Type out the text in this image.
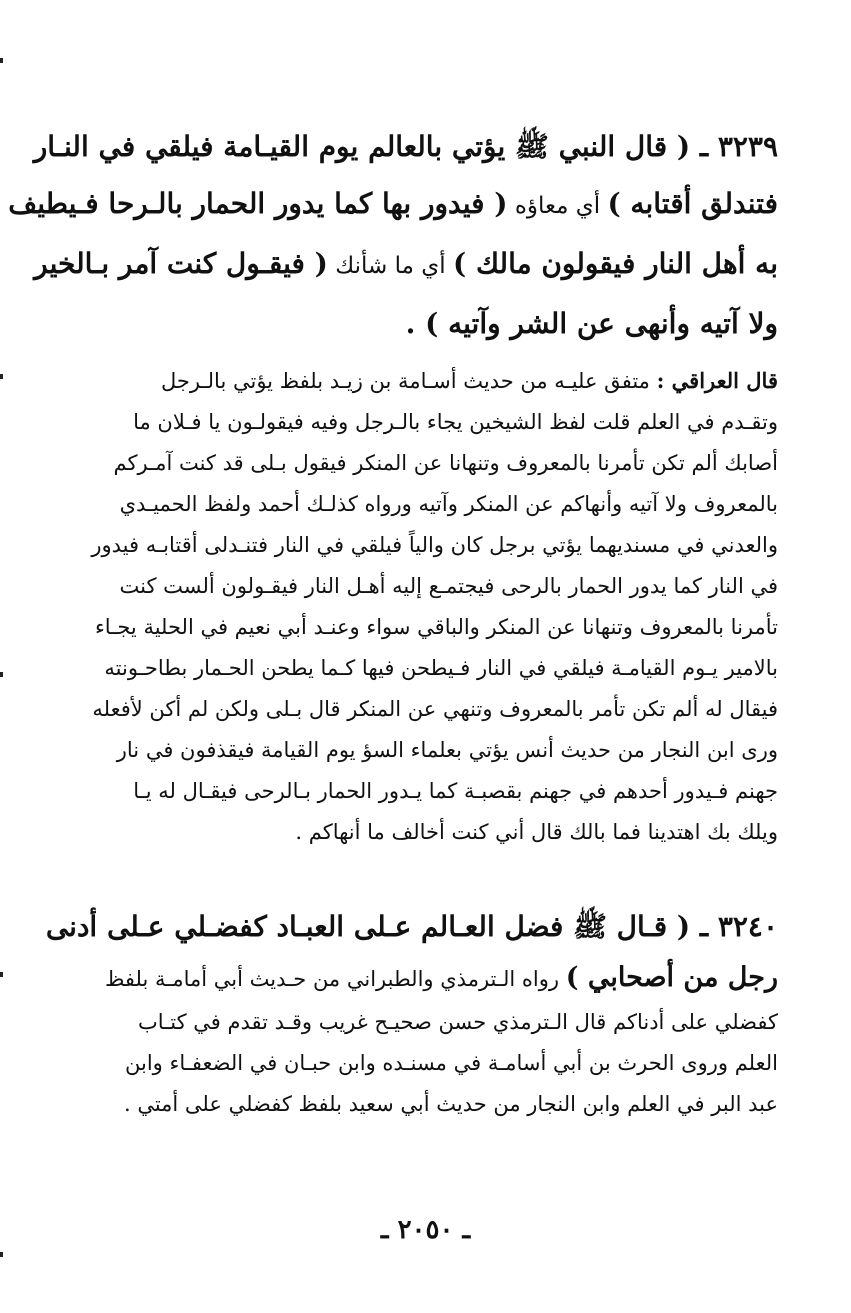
٣٢٣٩ ـ ( قال النبي ﷺ يؤتي بالعالم يوم القيـامة فيلقي في النـار
فتندلق أقتابه ) أي معاؤه ( فيدور بها كما يدور الحمار بالـرحا فـيطيف
به أهل النار فيقولون مالك ) أي ما شأنك ( فيقـول كنت آمر بـالخير
ولا آتيه وأنهى عن الشر وآتيه ) .
قال العراقي : متفق عليـه من حديث أسـامة بن زيـد بلفظ يؤتي بالـرجل
وتقـدم في العلم قلت لفظ الشيخين يجاء بالـرجل وفيه فيقولـون يا فـلان ما
أصابك ألم تكن تأمرنا بالمعروف وتنهانا عن المنكر فيقول بـلى قد كنت آمـركم
بالمعروف ولا آتيه وأنهاكم عن المنكر وآتيه ورواه كذلـك أحمد ولفظ الحميـدي
والعدني في مسنديهما يؤتي برجل كان والياً فيلقي في النار فتنـدلى أقتابـه فيدور
في النار كما يدور الحمار بالرحى فيجتمـع إليه أهـل النار فيقـولون ألست كنت
تأمرنا بالمعروف وتنهانا عن المنكر والباقي سواء وعنـد أبي نعيم في الحلية يجـاء
بالامير يـوم القيامـة فيلقي في النار فـيطحن فيها كـما يطحن الحـمار بطاحـونته
فيقال له ألم تكن تأمر بالمعروف وتنهي عن المنكر قال بـلى ولكن لم أكن لأفعله
ورى ابن النجار من حديث أنس يؤتي بعلماء السؤ يوم القيامة فيقذفون في نار
جهنم فـيدور أحدهم في جهنم بقصبـة كما يـدور الحمار بـالرحى فيقـال له يـا
ويلك بك اهتدينا فما بالك قال أني كنت أخالف ما أنهاكم .
٣٢٤٠ ـ ( قـال ﷺ فضل العـالم عـلى العبـاد كفضـلي عـلى أدنى
رجل من أصحابي ) رواه الـترمذي والطبراني من حـديث أبي أمامـة بلفظ
كفضلي على أدناكم قال الـترمذي حسن صحيـح غريب وقـد تقدم في كتـاب
العلم وروى الحرث بن أبي أسامـة في مسنـده وابن حبـان في الضعفـاء وابن
عبد البر في العلم وابن النجار من حديث أبي سعيد بلفظ كفضلي على أمتي .
ـ ٢٠٥٠ ـ
